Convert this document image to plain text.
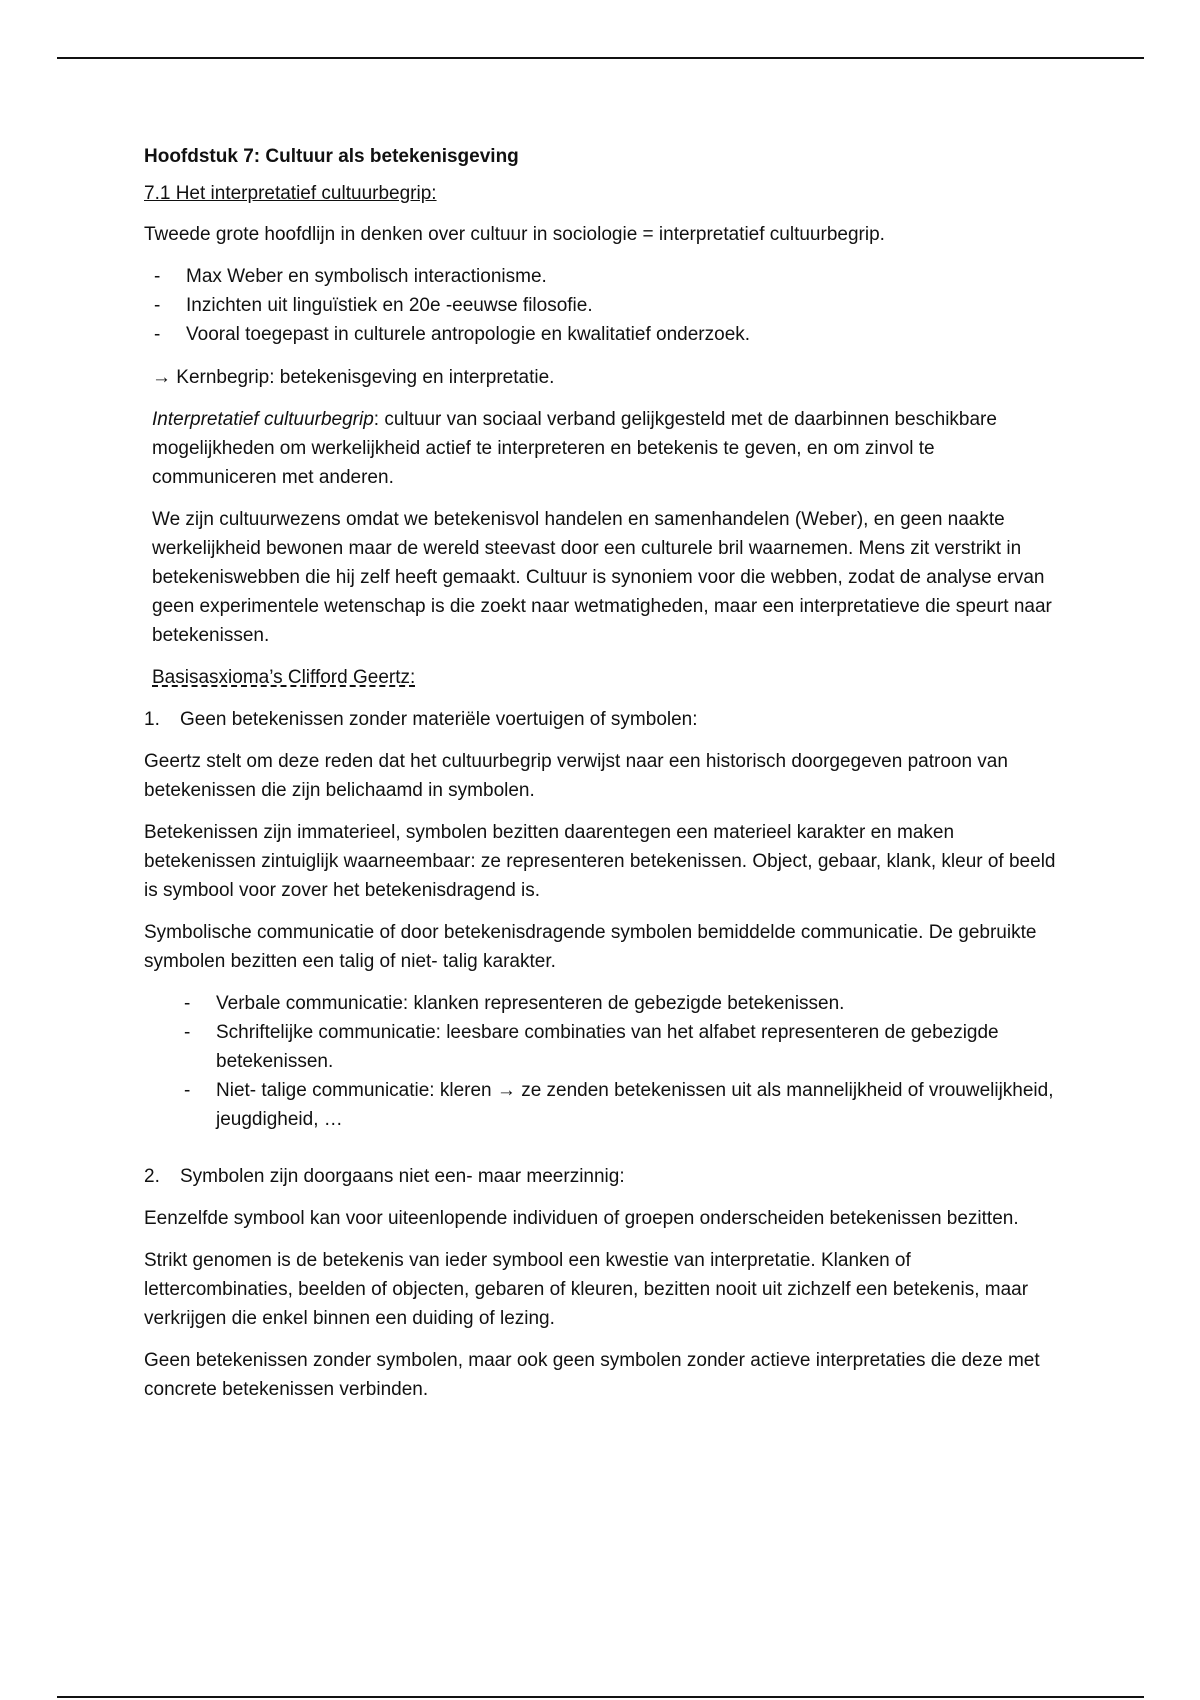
Hoofdstuk 7: Cultuur als betekenisgeving

7.1 Het interpretatief cultuurbegrip:

Tweede grote hoofdlijn in denken over cultuur in sociologie = interpretatief cultuurbegrip.

- Max Weber en symbolisch interactionisme.
- Inzichten uit linguïstiek en 20e -eeuwse filosofie.
- Vooral toegepast in culturele antropologie en kwalitatief onderzoek.

→ Kernbegrip: betekenisgeving en interpretatie.

Interpretatief cultuurbegrip: cultuur van sociaal verband gelijkgesteld met de daarbinnen beschikbare mogelijkheden om werkelijkheid actief te interpreteren en betekenis te geven, en om zinvol te communiceren met anderen.

We zijn cultuurwezens omdat we betekenisvol handelen en samenhandelen (Weber), en geen naakte werkelijkheid bewonen maar de wereld steevast door een culturele bril waarnemen. Mens zit verstrikt in betekeniswebben die hij zelf heeft gemaakt. Cultuur is synoniem voor die webben, zodat de analyse ervan geen experimentele wetenschap is die zoekt naar wetmatigheden, maar een interpretatieve die speurt naar betekenissen.

Basisasxioma’s Clifford Geertz:

1. Geen betekenissen zonder materiële voertuigen of symbolen:

Geertz stelt om deze reden dat het cultuurbegrip verwijst naar een historisch doorgegeven patroon van betekenissen die zijn belichaamd in symbolen.

Betekenissen zijn immaterieel, symbolen bezitten daarentegen een materieel karakter en maken betekenissen zintuiglijk waarneembaar: ze representeren betekenissen. Object, gebaar, klank, kleur of beeld is symbool voor zover het betekenisdragend is.

Symbolische communicatie of door betekenisdragende symbolen bemiddelde communicatie. De gebruikte symbolen bezitten een talig of niet- talig karakter.

- Verbale communicatie: klanken representeren de gebezigde betekenissen.
- Schriftelijke communicatie: leesbare combinaties van het alfabet representeren de gebezigde betekenissen.
- Niet- talige communicatie: kleren → ze zenden betekenissen uit als mannelijkheid of vrouwelijkheid, jeugdigheid, …

2. Symbolen zijn doorgaans niet een- maar meerzinnig:

Eenzelfde symbool kan voor uiteenlopende individuen of groepen onderscheiden betekenissen bezitten.

Strikt genomen is de betekenis van ieder symbool een kwestie van interpretatie. Klanken of lettercombinaties, beelden of objecten, gebaren of kleuren, bezitten nooit uit zichzelf een betekenis, maar verkrijgen die enkel binnen een duiding of lezing.

Geen betekenissen zonder symbolen, maar ook geen symbolen zonder actieve interpretaties die deze met concrete betekenissen verbinden.
